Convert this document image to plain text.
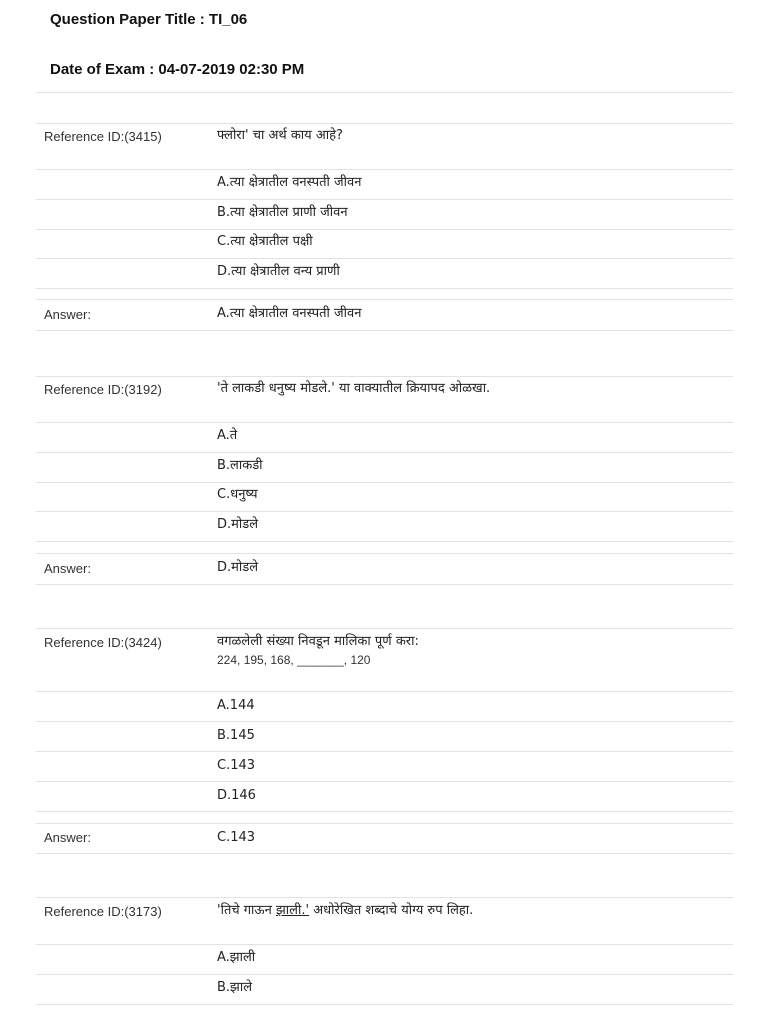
Question Paper Title : TI_06
Date of Exam : 04-07-2019 02:30 PM
Reference ID:(3415)	फ्लोरा' चा अर्थ काय आहे?
A.त्या क्षेत्रातील वनस्पती जीवन
B.त्या क्षेत्रातील प्राणी जीवन
C.त्या क्षेत्रातील पक्षी
D.त्या क्षेत्रातील वन्य प्राणी
Answer:	A.त्या क्षेत्रातील वनस्पती जीवन
Reference ID:(3192)	'ते लाकडी धनुष्य मोडले.' या वाक्यातील क्रियापद ओळखा.
A.ते
B.लाकडी
C.धनुष्य
D.मोडले
Answer:	D.मोडले
Reference ID:(3424)	वगळलेली संख्या निवडून मालिका पूर्ण करा:
224, 195, 168, _______, 120
A.144
B.145
C.143
D.146
Answer:	C.143
Reference ID:(3173)	'तिचे गाऊन झाली.' अधोरेखित शब्दाचे योग्य रुप लिहा.
A.झाली
B.झाले
